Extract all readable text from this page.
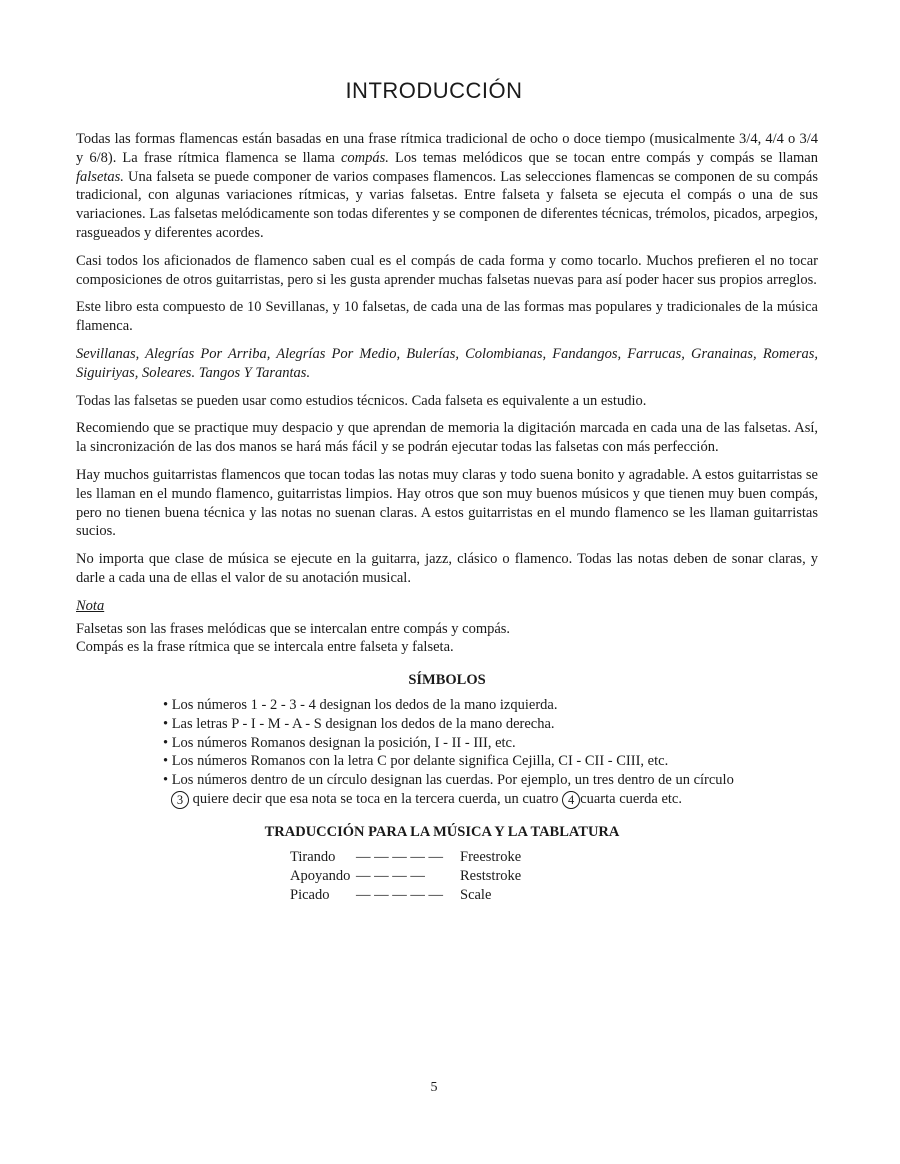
INTRODUCCIÓN

Todas las formas flamencas están basadas en una frase rítmica tradicional de ocho o doce tiempo (musicalmente 3/4, 4/4 o 3/4 y 6/8). La frase rítmica flamenca se llama compás. Los temas melódicos que se tocan entre compás y compás se llaman falsetas. Una falseta se puede componer de varios compases flamencos. Las selecciones flamencas se componen de su compás tradicional, con algunas variaciones rítmicas, y varias falsetas. Entre falseta y falseta se ejecuta el compás o una de sus variaciones. Las falsetas melódicamente son todas diferentes y se componen de diferentes técnicas, trémolos, picados, arpegios, rasgueados y diferentes acordes.

Casi todos los aficionados de flamenco saben cual es el compás de cada forma y como tocarlo. Muchos prefieren el no tocar composiciones de otros guitarristas, pero si les gusta aprender muchas falsetas nuevas para así poder hacer sus propios arreglos.

Este libro esta compuesto de 10 Sevillanas, y 10 falsetas, de cada una de las formas mas populares y tradicionales de la música flamenca.

Sevillanas, Alegrías Por Arriba, Alegrías Por Medio, Bulerías, Colombianas, Fandangos, Farrucas, Granainas, Romeras, Siguiriyas, Soleares. Tangos Y Tarantas.

Todas las falsetas se pueden usar como estudios técnicos. Cada falseta es equivalente a un estudio.

Recomiendo que se practique muy despacio y que aprendan de memoria la digitación marcada en cada una de las falsetas. Así, la sincronización de las dos manos se hará más fácil y se podrán ejecutar todas las falsetas con más perfección.

Hay muchos guitarristas flamencos que tocan todas las notas muy claras y todo suena bonito y agradable. A estos guitarristas se les llaman en el mundo flamenco, guitarristas limpios. Hay otros que son muy buenos músicos y que tienen muy buen compás, pero no tienen buena técnica y las notas no suenan claras. A estos guitarristas en el mundo flamenco se les llaman guitarristas sucios.

No importa que clase de música se ejecute en la guitarra, jazz, clásico o flamenco. Todas las notas deben de sonar claras, y darle a cada una de ellas el valor de su anotación musical.

Nota

Falsetas son las frases melódicas que se intercalan entre compás y compás.
Compás es la frase rítmica que se intercala entre falseta y falseta.

SÍMBOLOS
• Los números 1 - 2 - 3 - 4 designan los dedos de la mano izquierda.
• Las letras P - I - M - A - S designan los dedos de la mano derecha.
• Los números Romanos designan la posición, I - II - III, etc.
• Los números Romanos con la letra C por delante significa Cejilla, CI - CII - CIII, etc.
• Los números dentro de un círculo designan las cuerdas. Por ejemplo, un tres dentro de un círculo
3 quiere decir que esa nota se toca en la tercera cuerda, un cuatro 4 cuarta cuerda etc.
TRADUCCIÓN PARA LA MÚSICA Y LA TABLATURA
Tirando	— — — — —	Freestroke
Apoyando — — — —	Reststroke
Picado	— — — — —	Scale
5
